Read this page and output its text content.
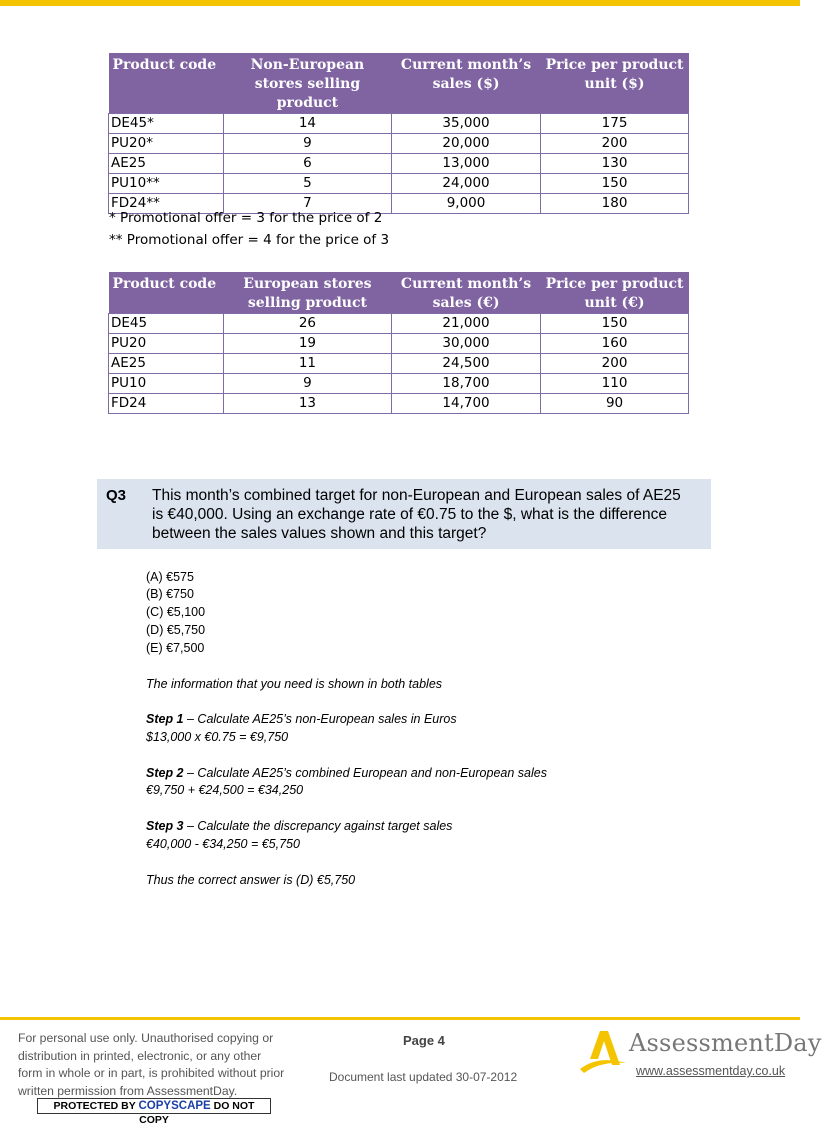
Product code	Non-European stores selling product	Current month’s sales ($)	Price per product unit ($)
DE45*	14	35,000	175
PU20*	9	20,000	200
AE25	6	13,000	130
PU10**	5	24,000	150
FD24**	7	9,000	180
* Promotional offer = 3 for the price of 2
** Promotional offer = 4 for the price of 3
Product code	European stores selling product	Current month’s sales (€)	Price per product unit (€)
DE45	26	21,000	150
PU20	19	30,000	160
AE25	11	24,500	200
PU10	9	18,700	110
FD24	13	14,700	90
Q3 This month’s combined target for non-European and European sales of AE25 is €40,000. Using an exchange rate of €0.75 to the $, what is the difference between the sales values shown and this target?
(A) €575
(B) €750
(C) €5,100
(D) €5,750
(E) €7,500
The information that you need is shown in both tables
Step 1 – Calculate AE25’s non-European sales in Euros
$13,000 x €0.75 = €9,750
Step 2 – Calculate AE25’s combined European and non-European sales
€9,750 + €24,500 = €34,250
Step 3 – Calculate the discrepancy against target sales
€40,000 - €34,250 = €5,750
Thus the correct answer is (D) €5,750
For personal use only. Unauthorised copying or distribution in printed, electronic, or any other form in whole or in part, is prohibited without prior written permission from AssessmentDay.
PROTECTED BY COPYSCAPE DO NOT COPY
Page 4
Document last updated 30-07-2012
AssessmentDay
www.assessmentday.co.uk
